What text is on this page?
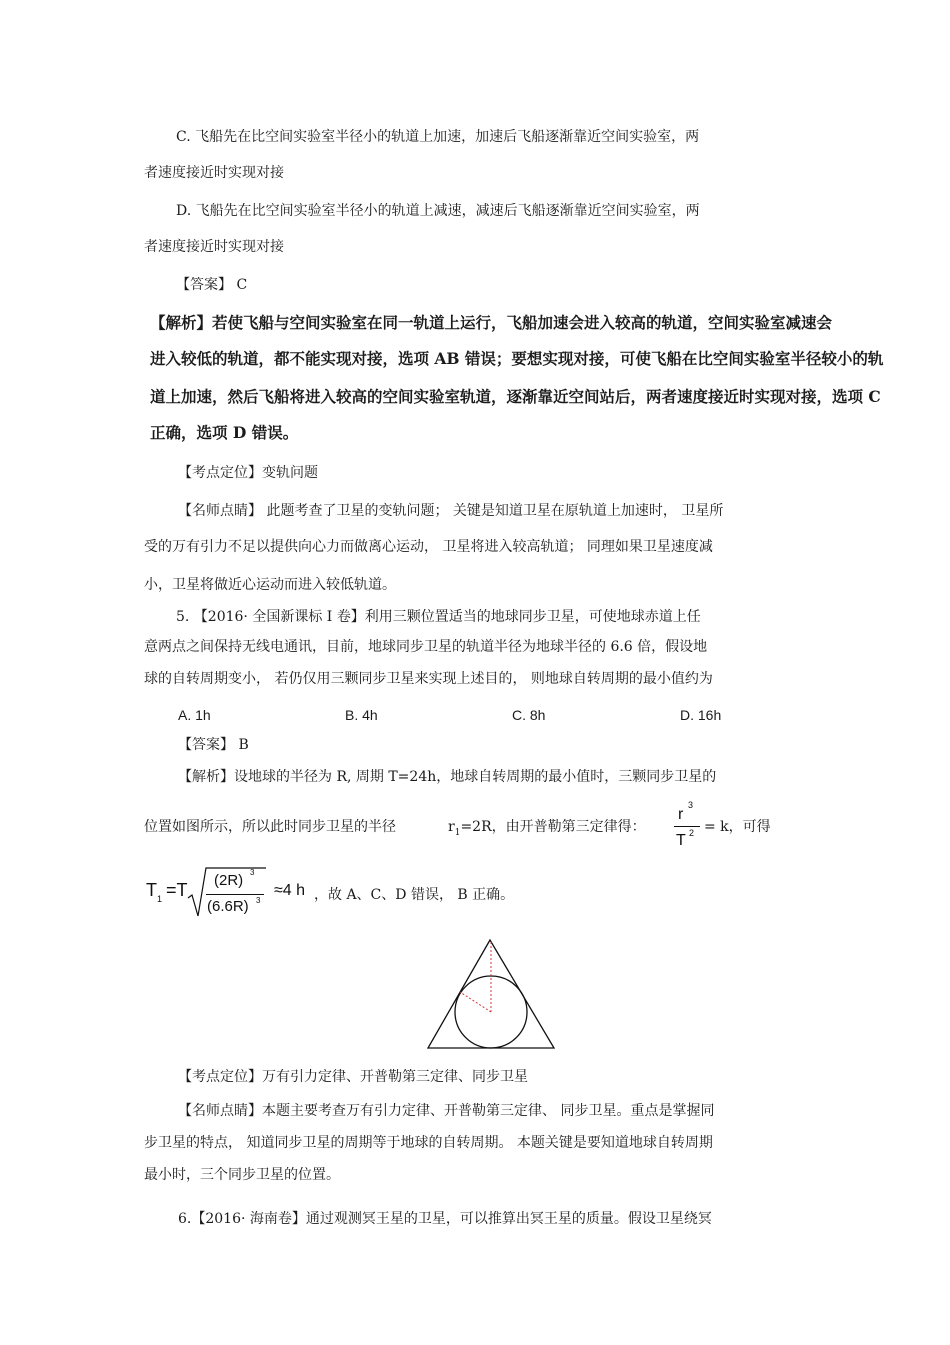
C. 飞船先在比空间实验室半径小的轨道上加速，加速后飞船逐渐靠近空间实验室，两
者速度接近时实现对接
D. 飞船先在比空间实验室半径小的轨道上减速，减速后飞船逐渐靠近空间实验室，两
者速度接近时实现对接
【答案】 C
【解析】若使飞船与空间实验室在同一轨道上运行，飞船加速会进入较高的轨道，空间实验室减速会
进入较低的轨道，都不能实现对接，选项 AB 错误；要想实现对接，可使飞船在比空间实验室半径较小的轨
道上加速，然后飞船将进入较高的空间实验室轨道，逐渐靠近空间站后，两者速度接近时实现对接，选项 C
正确，选项 D 错误。
【考点定位】变轨问题
【名师点睛】 此题考查了卫星的变轨问题； 关键是知道卫星在原轨道上加速时， 卫星所
受的万有引力不足以提供向心力而做离心运动， 卫星将进入较高轨道； 同理如果卫星速度减
小，卫星将做近心运动而进入较低轨道。
5. 【2016· 全国新课标 I 卷】利用三颗位置适当的地球同步卫星，可使地球赤道上任
意两点之间保持无线电通讯，目前，地球同步卫星的轨道半径为地球半径的 6.6 倍，假设地
球的自转周期变小， 若仍仅用三颗同步卫星来实现上述目的， 则地球自转周期的最小值约为
A. 1h	B. 4h	C. 8h	D. 16h
【答案】 B
【解析】设地球的半径为 R, 周期 T=24h，地球自转周期的最小值时，三颗同步卫星的
位置如图所示，所以此时同步卫星的半径	$r_1=2R$，由开普勒第三定律得：
r
3
T 2 = k，可得
T 1 =T (2R) 3
(6.6R) 3
≈4 h ，故 A、C、D 错误， B 正确。
【考点定位】万有引力定律、开普勒第三定律、同步卫星
【名师点睛】本题主要考查万有引力定律、开普勒第三定律、 同步卫星。重点是掌握同
步卫星的特点， 知道同步卫星的周期等于地球的自转周期。 本题关键是要知道地球自转周期
最小时，三个同步卫星的位置。
6.【2016· 海南卷】通过观测冥王星的卫星，可以推算出冥王星的质量。假设卫星绕冥
